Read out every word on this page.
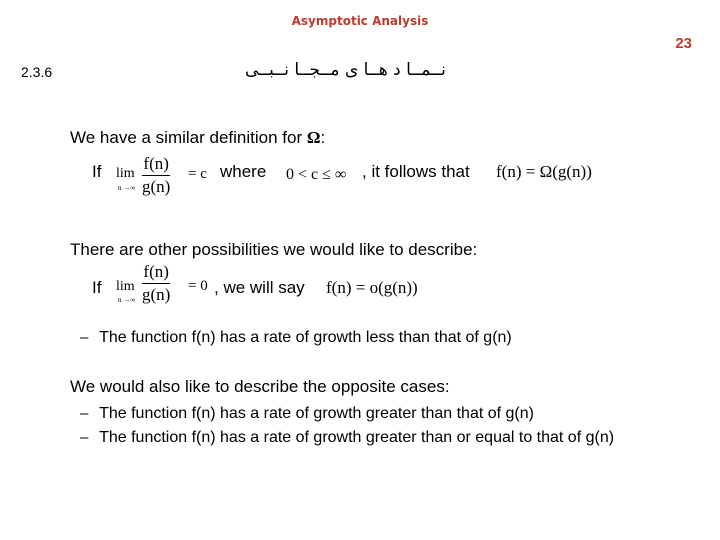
Asymptotic Analysis
23
2.3.6	نــمــا د هــا ی مــجــا نــبــی
We have a similar definition for Ω:
If lim
n →∞
f(n)
g(n)
= c where 0 < c ≤ ∞ , it follows that f(n) = Ω(g(n))
There are other possibilities we would like to describe:
If lim
n →∞
f(n)
g(n) = 0 , we will say f(n) = o(g(n))
– The function f(n) has a rate of growth less than that of g(n)
We would also like to describe the opposite cases:
– The function f(n) has a rate of growth greater than that of g(n)
– The function f(n) has a rate of growth greater than or equal to that of g(n)
